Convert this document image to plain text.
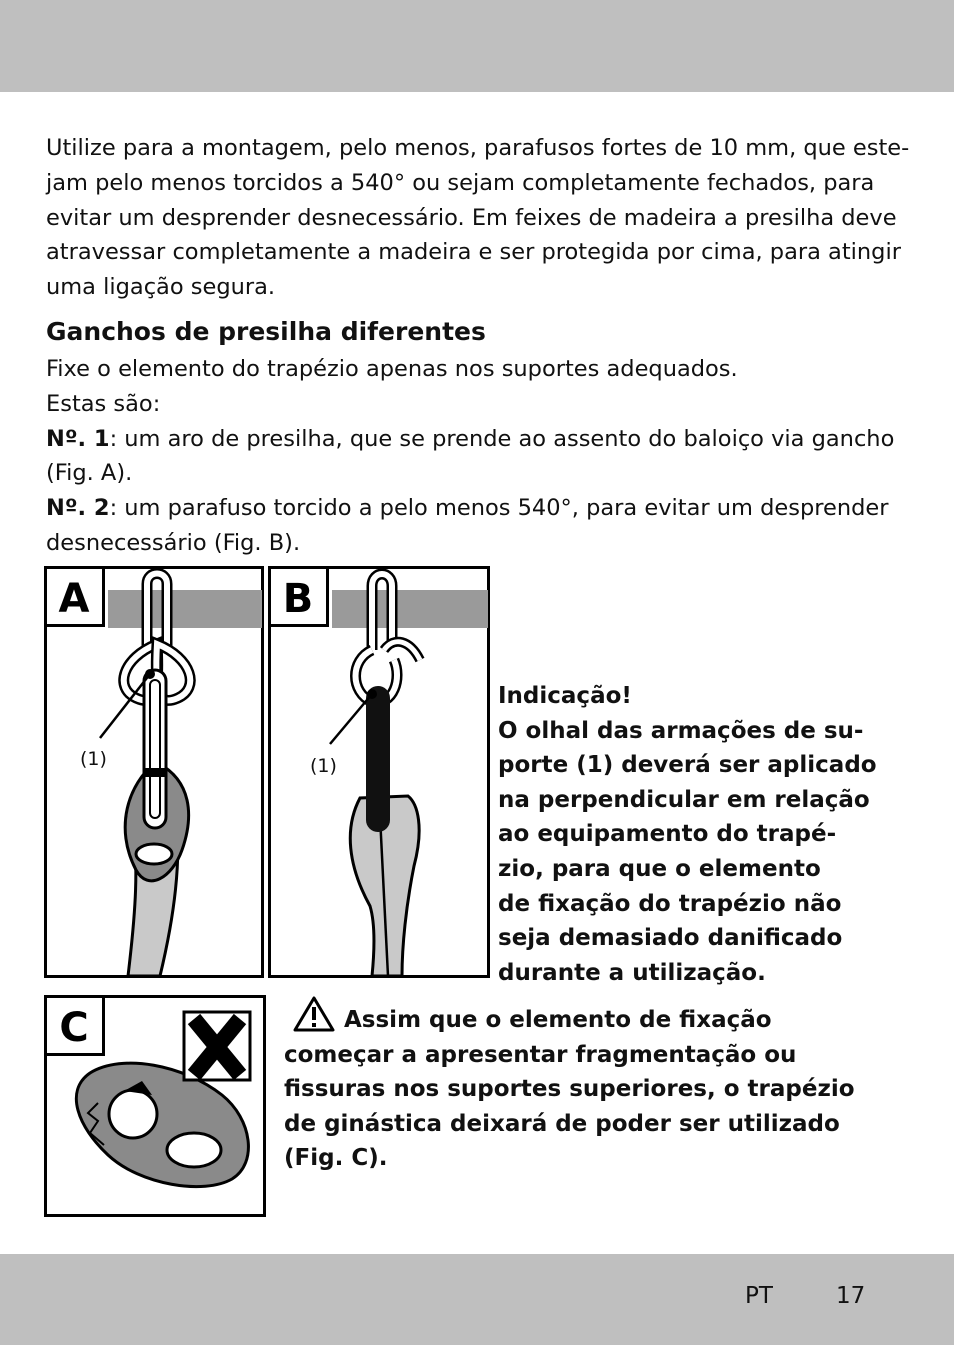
Utilize para a montagem, pelo menos, parafusos fortes de 10 mm, que este-
jam pelo menos torcidos a 540° ou sejam completamente fechados, para
evitar um desprender desnecessário. Em feixes de madeira a presilha deve
atravessar completamente a madeira e ser protegida por cima, para atingir
uma ligação segura.
Ganchos de presilha diferentes
Fixe o elemento do trapézio apenas nos suportes adequados.
Estas são:
Nº. 1: um aro de presilha, que se prende ao assento do baloiço via gancho
(Fig. A).
Nº. 2: um parafuso torcido a pelo menos 540°, para evitar um desprender
desnecessário (Fig. B).
(1)
A
(1)
B
Indicação!
O olhal das armações de su-
porte (1) deverá ser aplicado
na perpendicular em relação
ao equipamento do trapé-
zio, para que o elemento
de fixação do trapézio não
seja demasiado danificado
durante a utilização.
C	Assim que o elemento de fixação
começar a apresentar fragmentação ou
fissuras nos suportes superiores, o trapézio
de ginástica deixará de poder ser utilizado
(Fig. C).
PT	17
